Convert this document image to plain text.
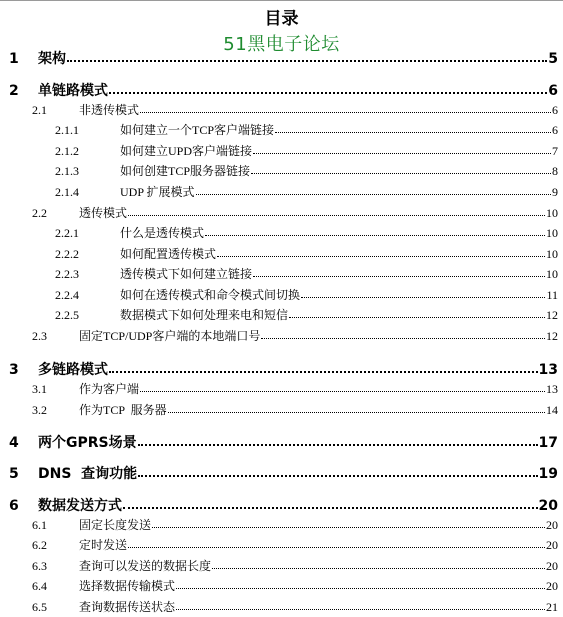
目录
51黑电子论坛
1	架构	5
2	单链路模式	6
2.1	非透传模式	6
2.1.1	如何建立一个TCP客户端链接	6
2.1.2	如何建立UPD客户端链接	7
2.1.3	如何创建TCP服务器链接	8
2.1.4	UDP 扩展模式	9
2.2	透传模式	10
2.2.1	什么是透传模式	10
2.2.2	如何配置透传模式	10
2.2.3	透传模式下如何建立链接	10
2.2.4	如何在透传模式和命令模式间切换	11
2.2.5	数据模式下如何处理来电和短信	12
2.3	固定TCP/UDP客户端的本地端口号	12
3	多链路模式	13
3.1	作为客户端	13
3.2	作为TCP  服务器	14
4	两个GPRS场景	17
5	DNS  查询功能	19
6	数据发送方式	20
6.1	固定长度发送	20
6.2	定时发送	20
6.3	查询可以发送的数据长度	20
6.4	选择数据传输模式	20
6.5	查询数据传送状态	21
